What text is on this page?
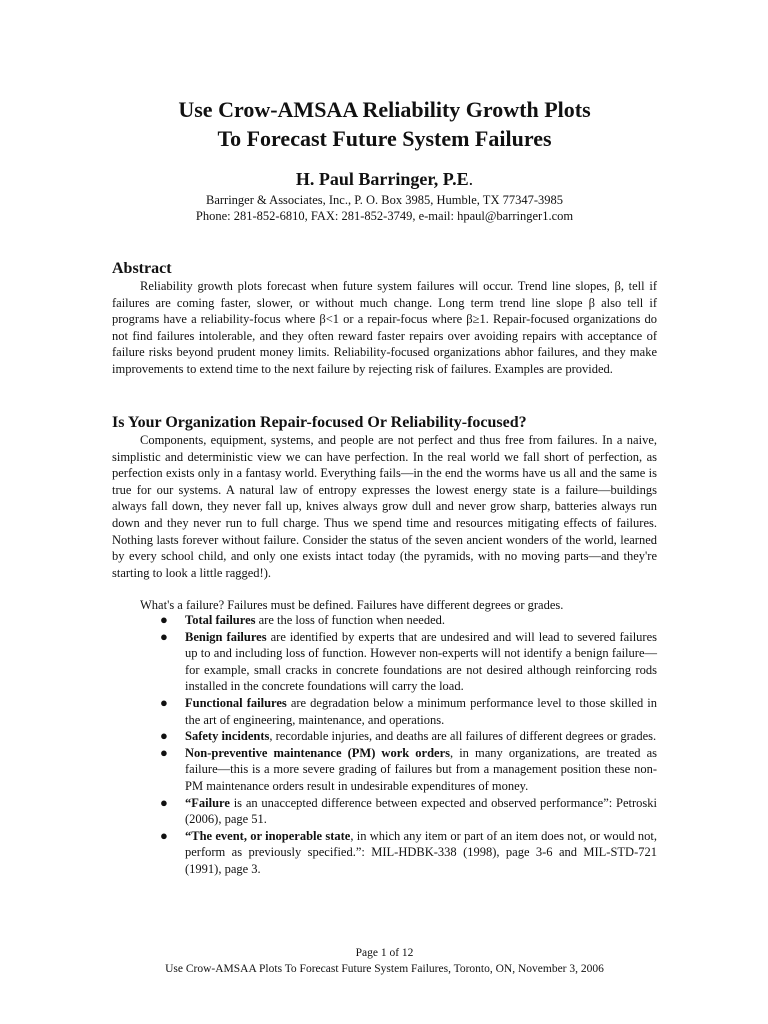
Use Crow-AMSAA Reliability Growth Plots
To Forecast Future System Failures
H. Paul Barringer, P.E.
Barringer & Associates, Inc., P. O. Box 3985, Humble, TX 77347-3985
Phone: 281-852-6810, FAX: 281-852-3749, e-mail: hpaul@barringer1.com
Abstract

Reliability growth plots forecast when future system failures will occur. Trend line slopes, β, tell if failures are coming faster, slower, or without much change. Long term trend line slope β also tell if programs have a reliability-focus where β<1 or a repair-focus where β≥1. Repair-focused organizations do not find failures intolerable, and they often reward faster repairs over avoiding repairs with acceptance of failure risks beyond prudent money limits. Reliability-focused organizations abhor failures, and they make improvements to extend time to the next failure by rejecting risk of failures. Examples are provided.

Is Your Organization Repair-focused Or Reliability-focused?

Components, equipment, systems, and people are not perfect and thus free from failures. In a naive, simplistic and deterministic view we can have perfection. In the real world we fall short of perfection, as perfection exists only in a fantasy world. Everything fails—in the end the worms have us all and the same is true for our systems. A natural law of entropy expresses the lowest energy state is a failure—buildings always fall down, they never fall up, knives always grow dull and never grow sharp, batteries always run down and they never run to full charge. Thus we spend time and resources mitigating effects of failures. Nothing lasts forever without failure. Consider the status of the seven ancient wonders of the world, learned by every school child, and only one exists intact today (the pyramids, with no moving parts—and they're starting to look a little ragged!).

What's a failure? Failures must be defined. Failures have different degrees or grades.

● Total failures are the loss of function when needed.
● Benign failures are identified by experts that are undesired and will lead to severed failures up to and including loss of function. However non-experts will not identify a benign failure—for example, small cracks in concrete foundations are not desired although reinforcing rods installed in the concrete foundations will carry the load.
● Functional failures are degradation below a minimum performance level to those skilled in the art of engineering, maintenance, and operations.
● Safety incidents, recordable injuries, and deaths are all failures of different degrees or grades.
● Non-preventive maintenance (PM) work orders, in many organizations, are treated as failure—this is a more severe grading of failures but from a management position these non-PM maintenance orders result in undesirable expenditures of money.
● “Failure is an unaccepted difference between expected and observed performance”: Petroski (2006), page 51.
● “The event, or inoperable state, in which any item or part of an item does not, or would not, perform as previously specified.”: MIL-HDBK-338 (1998), page 3-6 and MIL-STD-721 (1991), page 3.
Page 1 of 12
Use Crow-AMSAA Plots To Forecast Future System Failures, Toronto, ON, November 3, 2006
